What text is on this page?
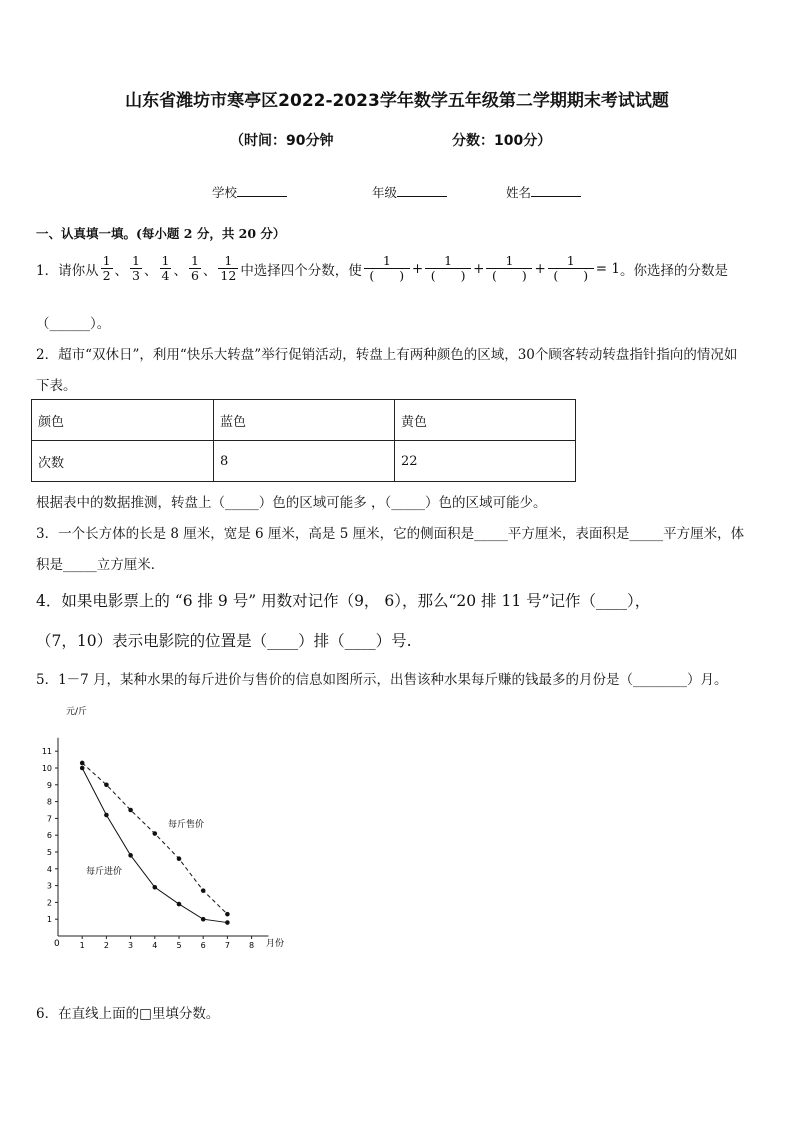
山东省潍坊市寒亭区2022-2023学年数学五年级第二学期期末考试试题
（时间：90分钟	分数：100分）
学校	年级	姓名
一、认真填一填。(每小题 2 分，共 20 分）
1．请你从 $\frac{1}{2}$ 、 $\frac{1}{3}$ 、 $\frac{1}{4}$ 、 $\frac{1}{6}$ 、 $\frac{1}{12}$ 中选择四个分数，使 $\frac{1}{( )} + \frac{1}{( )} + \frac{1}{( )} + \frac{1}{( )} = 1$ 。你选择的分数是
（______）。
2．超市“双休日”，利用“快乐大转盘”举行促销活动，转盘上有两种颜色的区域，30个顾客转动转盘指针指向的情况如
下表。
颜色	蓝色	黄色
次数	8	22
根据表中的数据推测，转盘上（_____）色的区域可能多 ，（_____）色的区域可能少。
3．一个长方体的长是 8 厘米，宽是 6 厘米，高是 5 厘米，它的侧面积是_____平方厘米，表面积是_____平方厘米，体
积是_____立方厘米．
4．如果电影票上的 “6 排 9 号” 用数对记作（9， 6），那么“20 排 11 号”记作（____），
（7，10）表示电影院的位置是（____）排（____）号.
5．1－7 月，某种水果的每斤进价与售价的信息如图所示，出售该种水果每斤赚的钱最多的月份是（________）月。
元/斤
月份
0
每斤售价
每斤进价
1 2 3 4 5 6 7 8
1
2
3
4
5
6
7
8
9
10
11
6．在直线上面的□里填分数。
